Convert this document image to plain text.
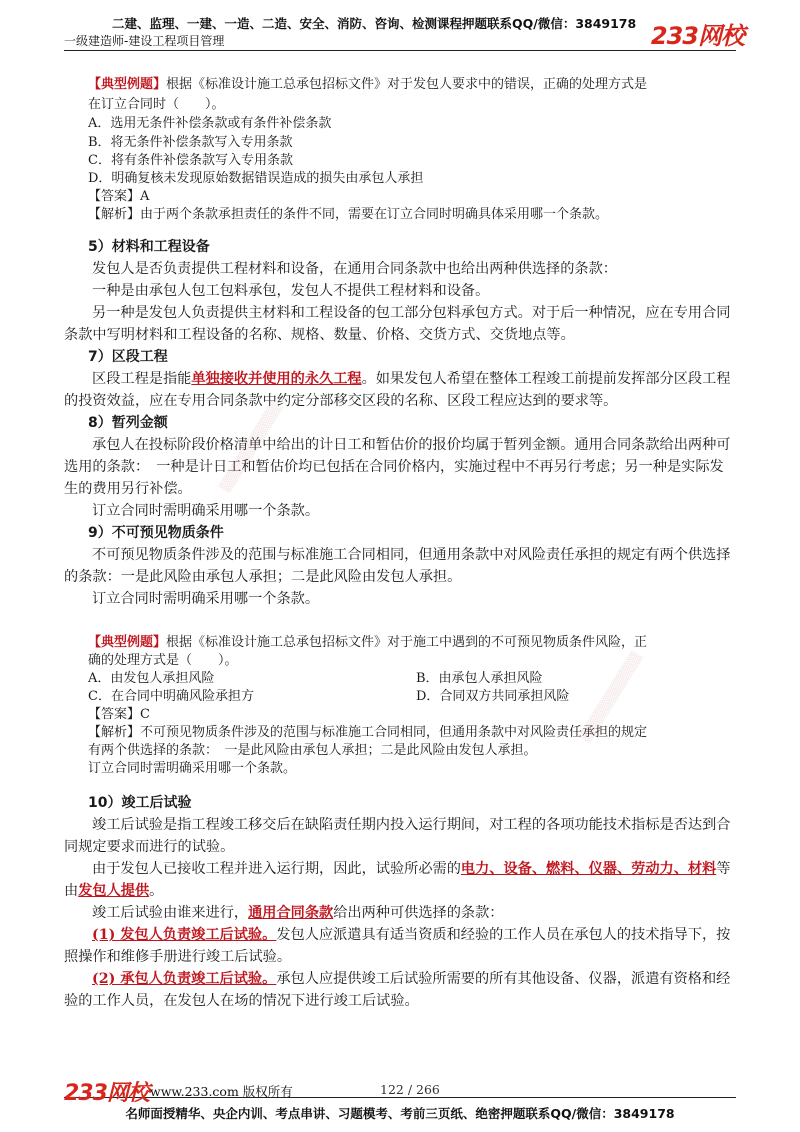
二建、监理、一建、一造、二造、安全、消防、咨询、检测课程押题联系QQ/微信：3849178
一级建造师-建设工程项目管理	233网校
【典型例题】根据《标准设计施工总承包招标文件》对于发包人要求中的错误，正确的处理方式是
在订立合同时（　　）。
A．选用无条件补偿条款或有条件补偿条款
B．将无条件补偿条款写入专用条款
C．将有条件补偿条款写入专用条款
D．明确复核未发现原始数据错误造成的损失由承包人承担
【答案】A
【解析】由于两个条款承担责任的条件不同，需要在订立合同时明确具体采用哪一个条款。
5）材料和工程设备

发包人是否负责提供工程材料和设备，在通用合同条款中也给出两种供选择的条款：

一种是由承包人包工包料承包，发包人不提供工程材料和设备。

另一种是发包人负责提供主材料和工程设备的包工部分包料承包方式。对于后一种情况，应在专用合同条款中写明材料和工程设备的名称、规格、数量、价格、交货方式、交货地点等。

7）区段工程

区段工程是指能单独接收并使用的永久工程。如果发包人希望在整体工程竣工前提前发挥部分区段工程的投资效益，应在专用合同条款中约定分部移交区段的名称、区段工程应达到的要求等。

8）暂列金额

承包人在投标阶段价格清单中给出的计日工和暂估价的报价均属于暂列金额。通用合同条款给出两种可选用的条款：　一种是计日工和暂估价均已包括在合同价格内，实施过程中不再另行考虑；另一种是实际发生的费用另行补偿。

订立合同时需明确采用哪一个条款。

9）不可预见物质条件

不可预见物质条件涉及的范围与标准施工合同相同，但通用条款中对风险责任承担的规定有两个供选择的条款：一是此风险由承包人承担；二是此风险由发包人承担。

订立合同时需明确采用哪一个条款。

【典型例题】根据《标准设计施工总承包招标文件》对于施工中遇到的不可预见物质条件风险，正
确的处理方式是（　　）。
A．由发包人承担风险	B．由承包人承担风险
C．在合同中明确风险承担方	D．合同双方共同承担风险
【答案】C
【解析】不可预见物质条件涉及的范围与标准施工合同相同，但通用条款中对风险责任承担的规定
有两个供选择的条款：　一是此风险由承包人承担；二是此风险由发包人承担。
订立合同时需明确采用哪一个条款。
10）竣工后试验

竣工后试验是指工程竣工移交后在缺陷责任期内投入运行期间，对工程的各项功能技术指标是否达到合同规定要求而进行的试验。

由于发包人已接收工程并进入运行期，因此，试验所必需的电力、设备、燃料、仪器、劳动力、材料等由发包人提供。

竣工后试验由谁来进行，通用合同条款给出两种可供选择的条款：

(1) 发包人负责竣工后试验。发包人应派遣具有适当资质和经验的工作人员在承包人的技术指导下，按照操作和维修手册进行竣工后试验。

(2) 承包人负责竣工后试验。承包人应提供竣工后试验所需要的所有其他设备、仪器，派遣有资格和经验的工作人员，在发包人在场的情况下进行竣工后试验。

▒▒▒▒▒▒▒▒▒▒▒
▒▒▒▒▒▒▒▒▒▒▒
233网校 www.233.com 版权所有	122 / 266
名师面授精华、央企内训、考点串讲、习题模考、考前三页纸、绝密押题联系QQ/微信：3849178
